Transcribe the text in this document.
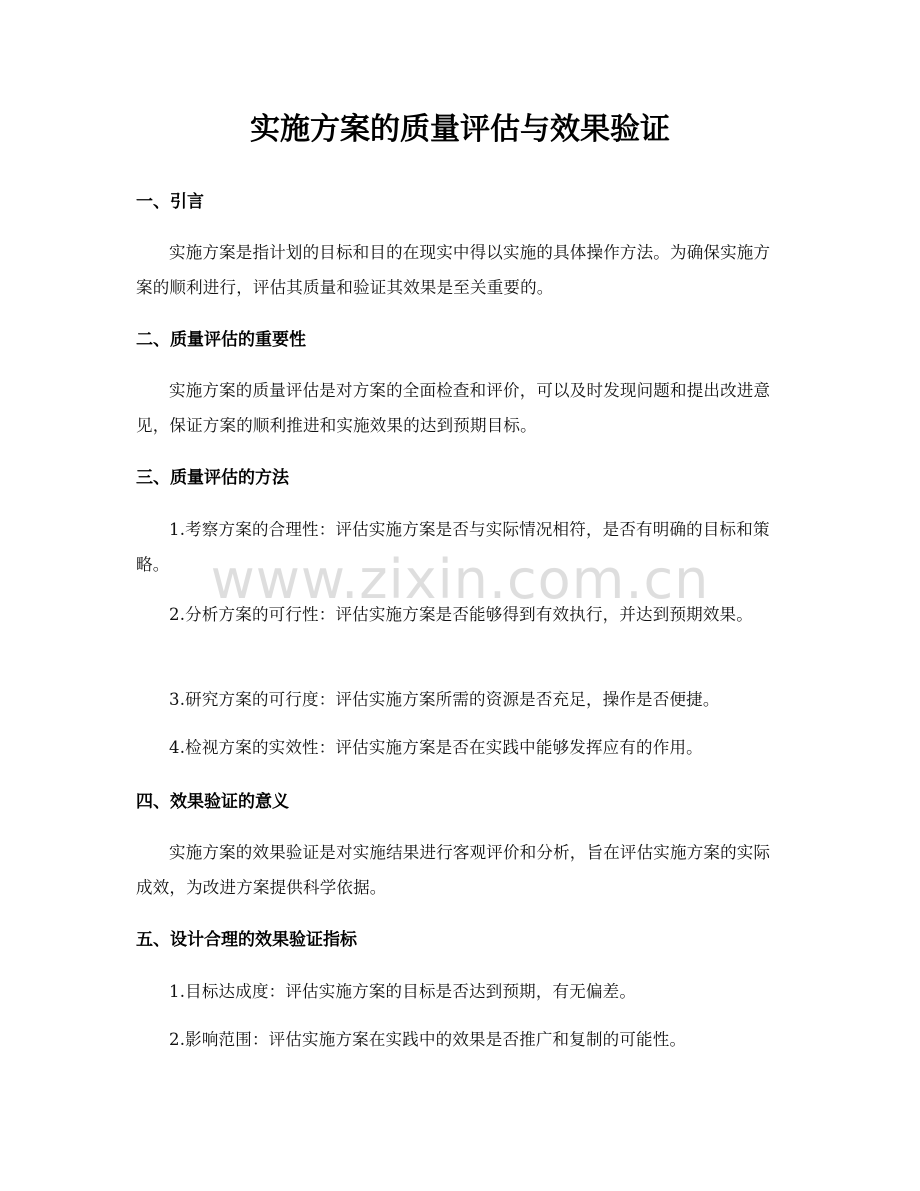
实施方案的质量评估与效果验证
一、引言

实施方案是指计划的目标和目的在现实中得以实施的具体操作方法。为确保实施方案的顺利进行，评估其质量和验证其效果是至关重要的。

二、质量评估的重要性

实施方案的质量评估是对方案的全面检查和评价，可以及时发现问题和提出改进意见，保证方案的顺利推进和实施效果的达到预期目标。

三、质量评估的方法

1.考察方案的合理性：评估实施方案是否与实际情况相符，是否有明确的目标和策略。

2.分析方案的可行性：评估实施方案是否能够得到有效执行，并达到预期效果。

3.研究方案的可行度：评估实施方案所需的资源是否充足，操作是否便捷。

4.检视方案的实效性：评估实施方案是否在实践中能够发挥应有的作用。

四、效果验证的意义

实施方案的效果验证是对实施结果进行客观评价和分析，旨在评估实施方案的实际成效，为改进方案提供科学依据。

五、设计合理的效果验证指标

1.目标达成度：评估实施方案的目标是否达到预期，有无偏差。

2.影响范围：评估实施方案在实践中的效果是否推广和复制的可能性。

www.zixin.com.cn
